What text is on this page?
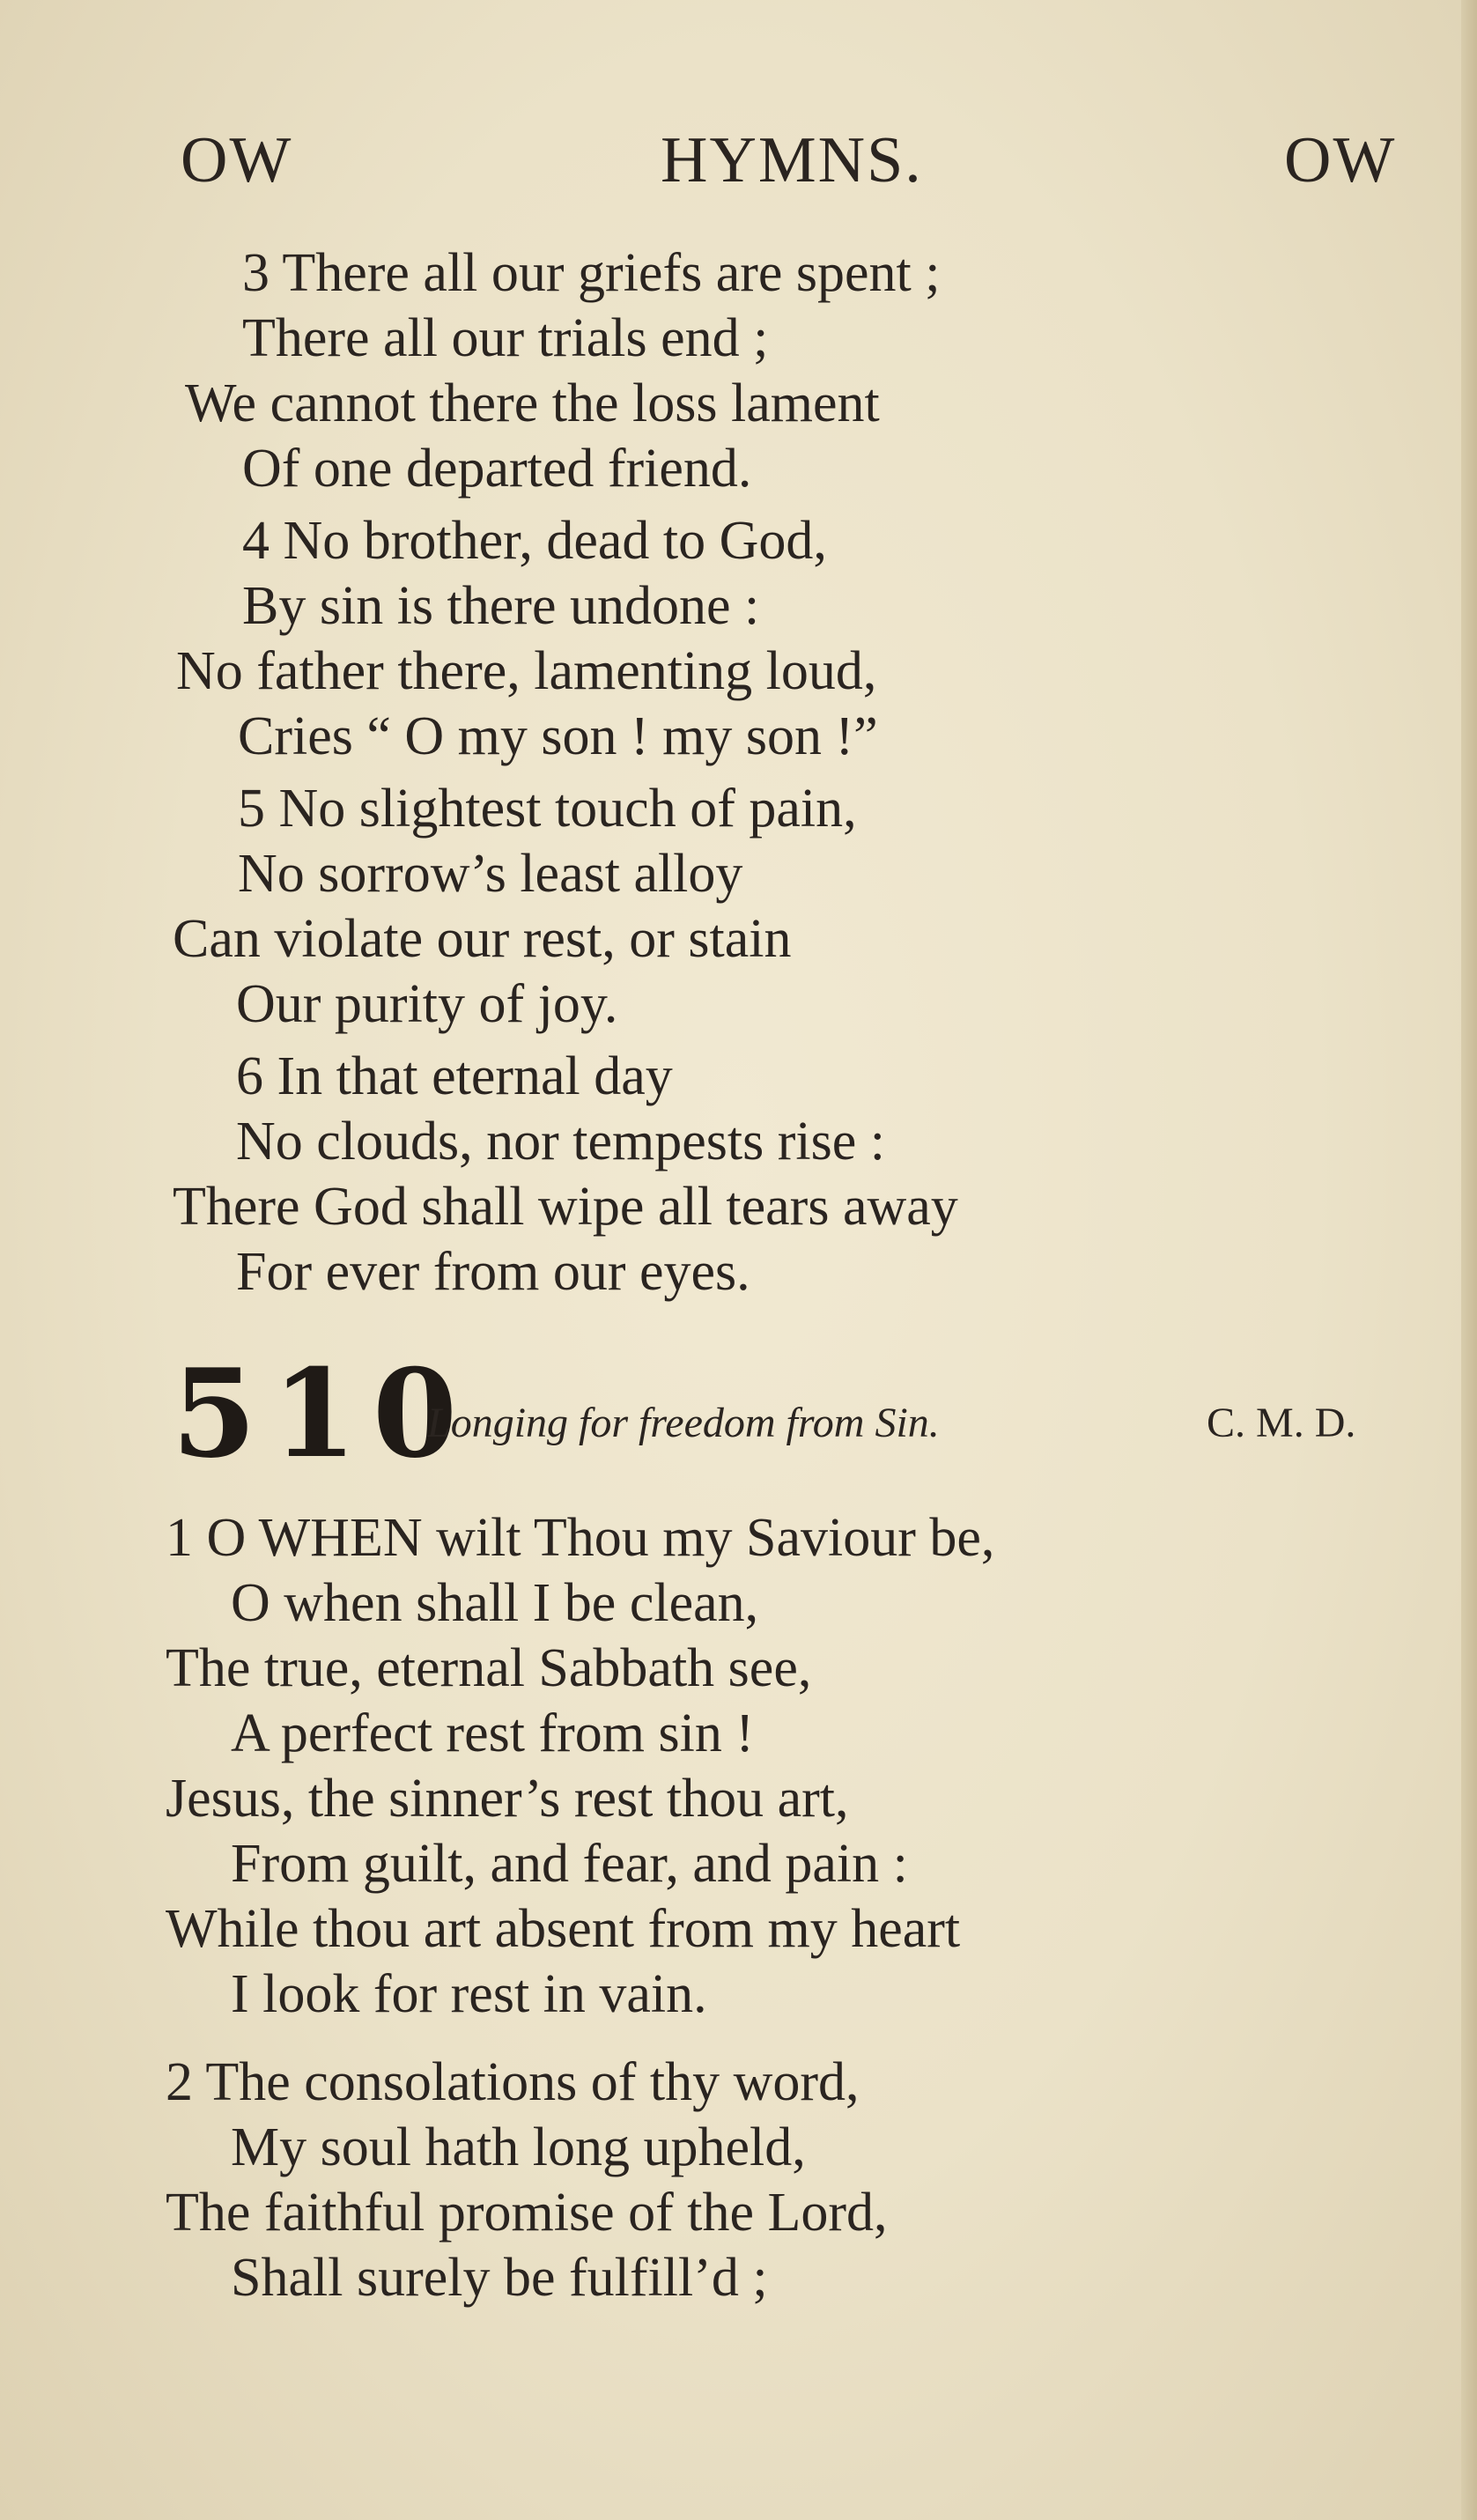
OW	HYMNS.	OW
3 There all our griefs are spent ;
There all our trials end ;
We cannot there the loss lament
Of one departed friend.
4 No brother, dead to God,
By sin is there undone :
No father there, lamenting loud,
Cries “ O my son ! my son !”
5 No slightest touch of pain,
No sorrow’s least alloy
Can violate our rest, or stain
Our purity of joy.
6 In that eternal day
No clouds, nor tempests rise :
There God shall wipe all tears away
For ever from our eyes.
510
Longing for freedom from Sin.	C. M. D.
1 O WHEN wilt Thou my Saviour be,
O when shall I be clean,
The true, eternal Sabbath see,
A perfect rest from sin !
Jesus, the sinner’s rest thou art,
From guilt, and fear, and pain :
While thou art absent from my heart
I look for rest in vain.
2 The consolations of thy word,
My soul hath long upheld,
The faithful promise of the Lord,
Shall surely be fulfill’d ;
